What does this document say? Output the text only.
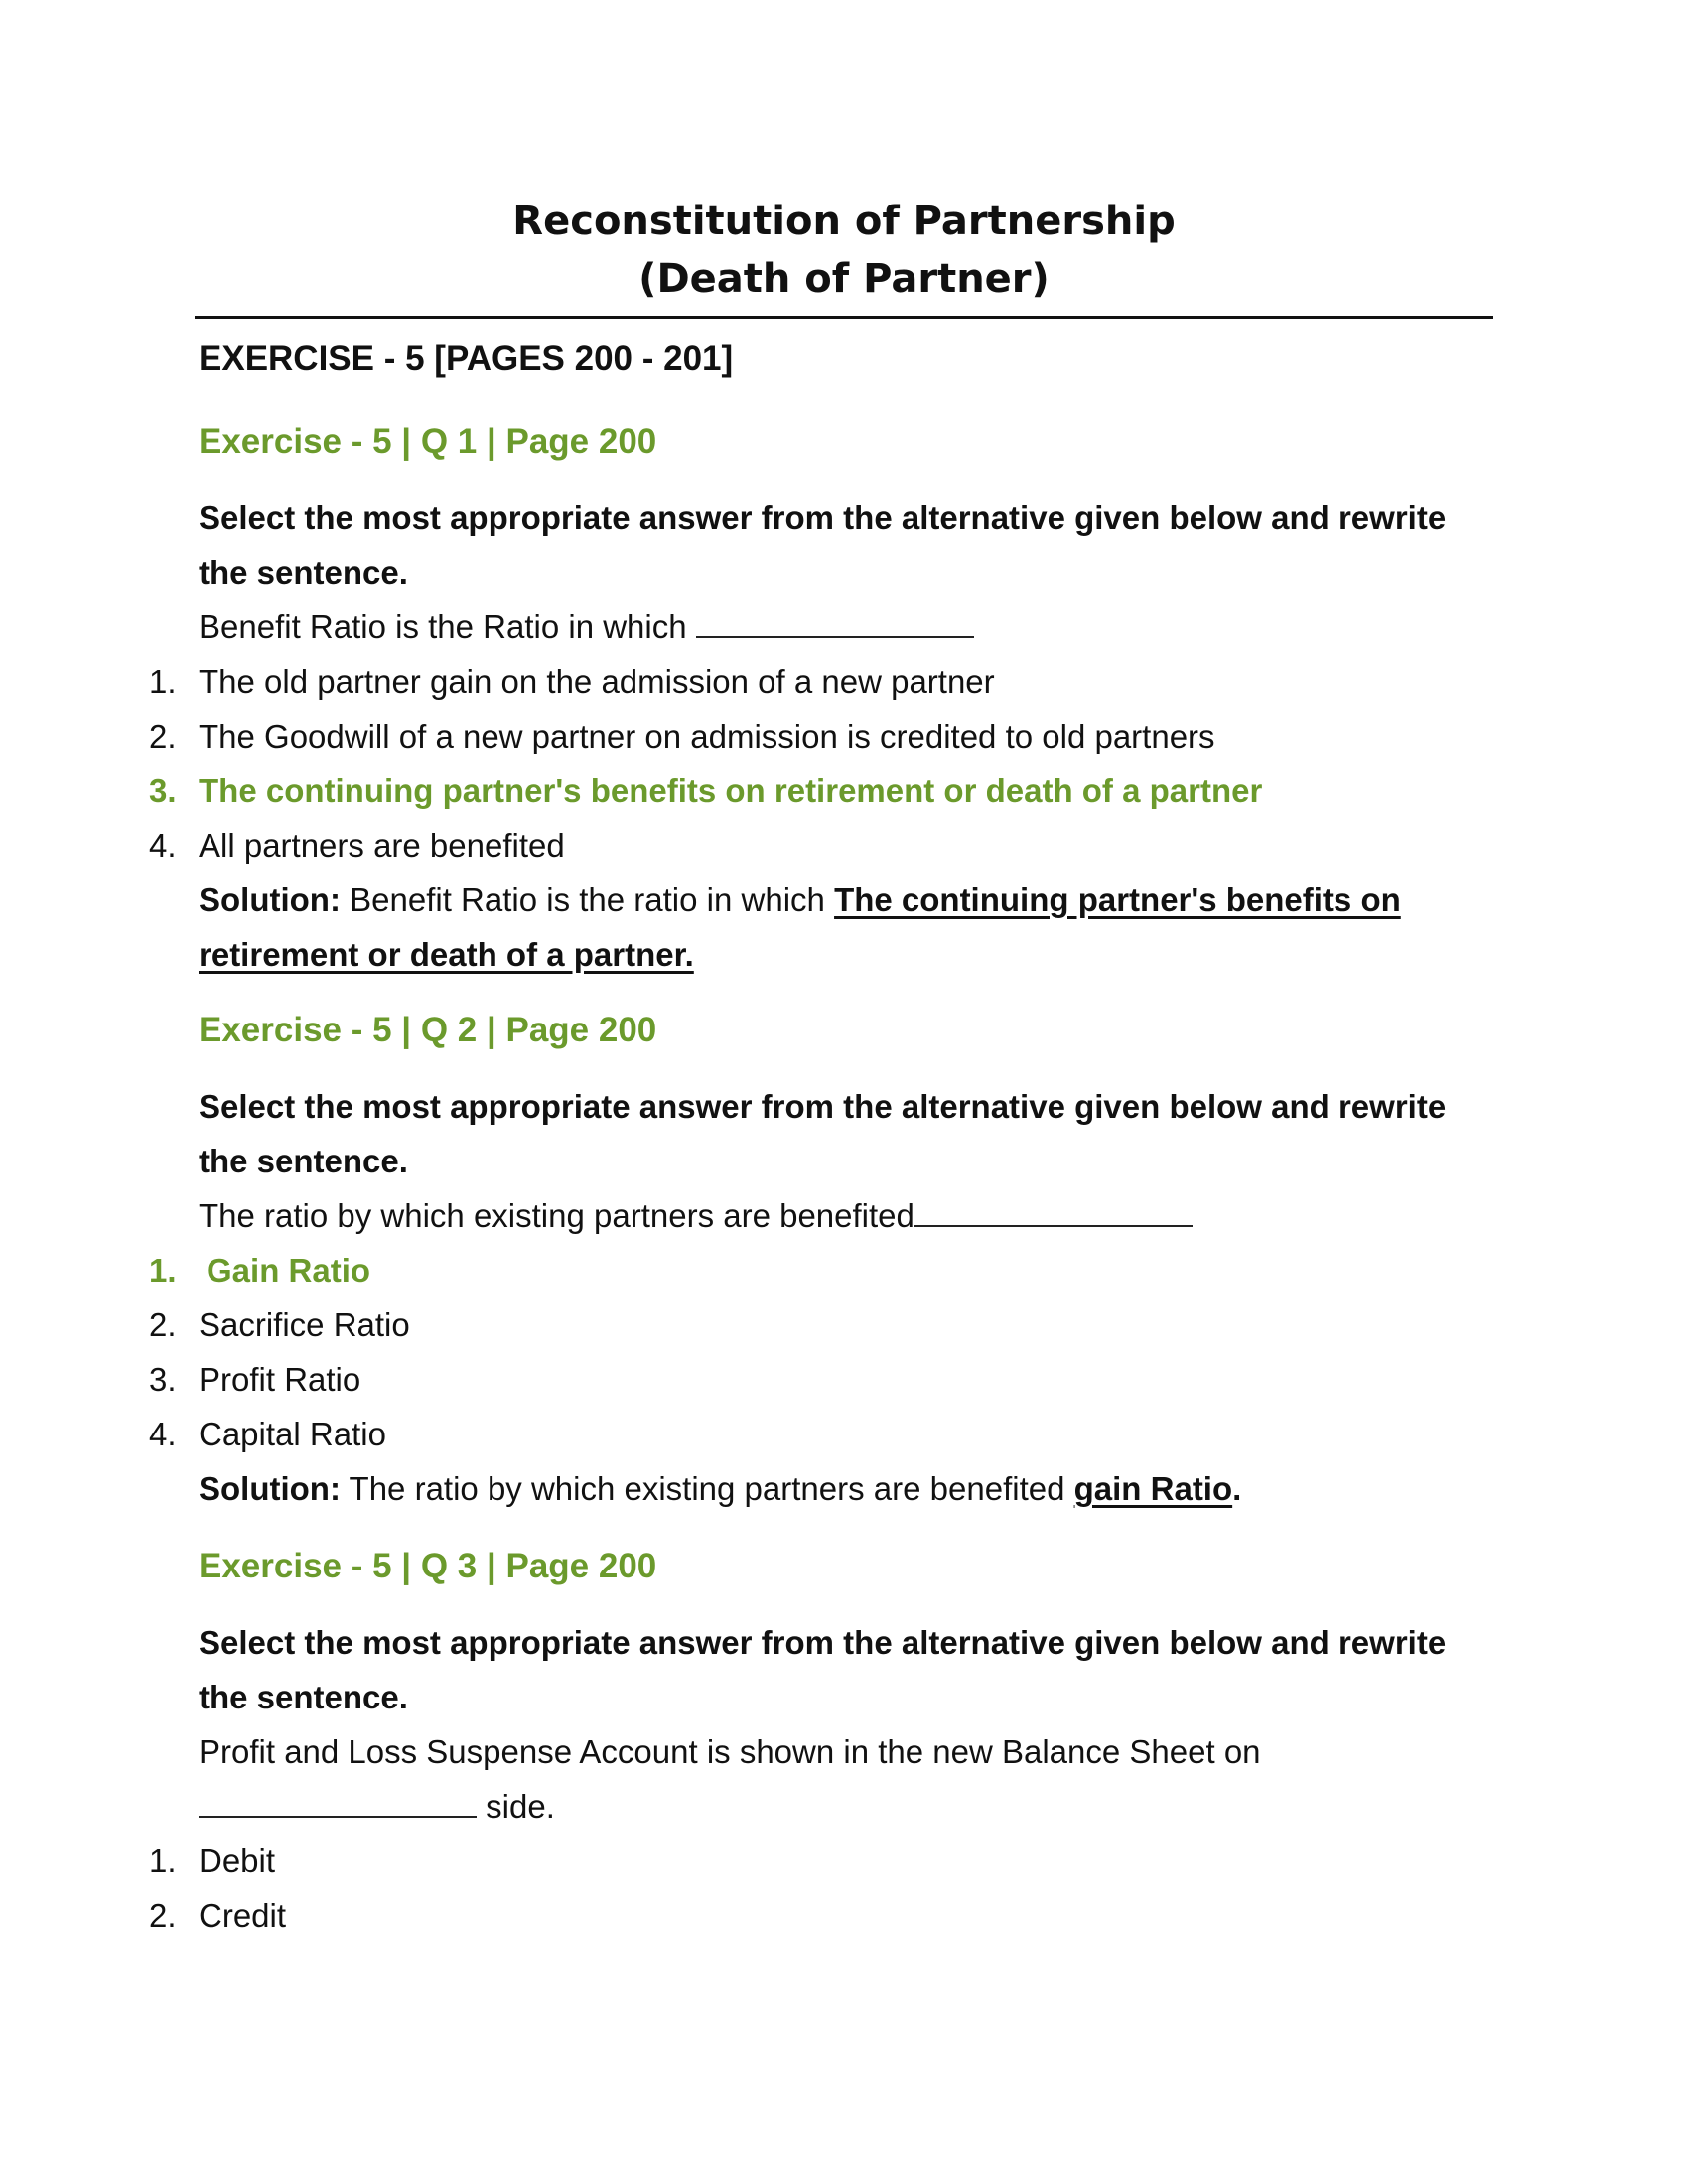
Reconstitution of Partnership
(Death of Partner)
EXERCISE - 5 [PAGES 200 - 201]
Exercise - 5 | Q 1 | Page 200
Select the most appropriate answer from the alternative given below and rewrite
the sentence.
Benefit Ratio is the Ratio in which
1. The old partner gain on the admission of a new partner
2. The Goodwill of a new partner on admission is credited to old partners
3. The continuing partner's benefits on retirement or death of a partner
4. All partners are benefited
Solution: Benefit Ratio is the ratio in which The continuing partner's benefits on
retirement or death of a partner.
Exercise - 5 | Q 2 | Page 200
Select the most appropriate answer from the alternative given below and rewrite
the sentence.
The ratio by which existing partners are benefited
1. Gain Ratio
2. Sacrifice Ratio
3. Profit Ratio
4. Capital Ratio
Solution: The ratio by which existing partners are benefited gain Ratio.
Exercise - 5 | Q 3 | Page 200
Select the most appropriate answer from the alternative given below and rewrite
the sentence.
Profit and Loss Suspense Account is shown in the new Balance Sheet on
side.
1. Debit
2. Credit
